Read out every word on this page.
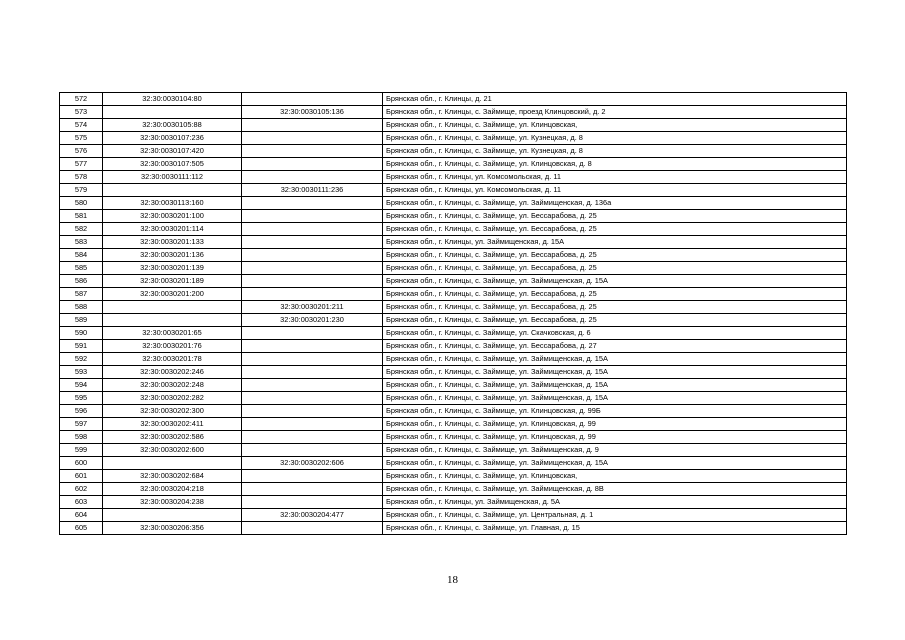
572	32:30:0030104:80		Брянская обл., г. Клинцы, д. 21
573		32:30:0030105:136	Брянская обл., г. Клинцы, с. Займище, проезд Клинцовский, д. 2
574	32:30:0030105:88		Брянская обл., г. Клинцы, с. Займище, ул. Клинцовская,
575	32:30:0030107:236		Брянская обл., г. Клинцы, с. Займище, ул. Кузнецкая, д. 8
576	32:30:0030107:420		Брянская обл., г. Клинцы, с. Займище, ул. Кузнецкая, д. 8
577	32:30:0030107:505		Брянская обл., г. Клинцы, с. Займище, ул. Клинцовская, д. 8
578	32:30:0030111:112		Брянская обл., г. Клинцы, ул. Комсомольская, д. 11
579		32:30:0030111:236	Брянская обл., г. Клинцы, ул. Комсомольская, д. 11
580	32:30:0030113:160		Брянская обл., г. Клинцы, с. Займище, ул. Займищенская, д. 136а
581	32:30:0030201:100		Брянская обл., г. Клинцы, с. Займище, ул. Бессарабова, д. 25
582	32:30:0030201:114		Брянская обл., г. Клинцы, с. Займище, ул. Бессарабова, д. 25
583	32:30:0030201:133		Брянская обл., г. Клинцы, ул. Займищенская, д. 15А
584	32:30:0030201:136		Брянская обл., г. Клинцы, с. Займище, ул. Бессарабова, д. 25
585	32:30:0030201:139		Брянская обл., г. Клинцы, с. Займище, ул. Бессарабова, д. 25
586	32:30:0030201:189		Брянская обл., г. Клинцы, с. Займище, ул. Займищенская, д. 15А
587	32:30:0030201:200		Брянская обл., г. Клинцы, с. Займище, ул. Бессарабова, д. 25
588		32:30:0030201:211	Брянская обл., г. Клинцы, с. Займище, ул. Бессарабова, д. 25
589		32:30:0030201:230	Брянская обл., г. Клинцы, с. Займище, ул. Бессарабова, д. 25
590	32:30:0030201:65		Брянская обл., г. Клинцы, с. Займище, ул. Скачковская, д. 6
591	32:30:0030201:76		Брянская обл., г. Клинцы, с. Займище, ул. Бессарабова, д. 27
592	32:30:0030201:78		Брянская обл., г. Клинцы, с. Займище, ул. Займищенская, д. 15А
593	32:30:0030202:246		Брянская обл., г. Клинцы, с. Займище, ул. Займищенская, д. 15А
594	32:30:0030202:248		Брянская обл., г. Клинцы, с. Займище, ул. Займищенская, д. 15А
595	32:30:0030202:282		Брянская обл., г. Клинцы, с. Займище, ул. Займищенская, д. 15А
596	32:30:0030202:300		Брянская обл., г. Клинцы, с. Займище, ул. Клинцовская, д. 99Б
597	32:30:0030202:411		Брянская обл., г. Клинцы, с. Займище, ул. Клинцовская, д. 99
598	32:30:0030202:586		Брянская обл., г. Клинцы, с. Займище, ул. Клинцовская, д. 99
599	32:30:0030202:600		Брянская обл., г. Клинцы, с. Займище, ул. Займищенская, д. 9
600		32:30:0030202:606	Брянская обл., г. Клинцы, с. Займище, ул. Займищенская, д. 15А
601	32:30:0030202:684		Брянская обл., г. Клинцы, с. Займище, ул. Клинцовская,
602	32:30:0030204:218		Брянская обл., г. Клинцы, с. Займище, ул. Займищенская, д. 8В
603	32:30:0030204:238		Брянская обл., г. Клинцы, ул. Займищенская, д. 5А
604		32:30:0030204:477	Брянская обл., г. Клинцы, с. Займище, ул. Центральная, д. 1
605	32:30:0030206:356		Брянская обл., г. Клинцы, с. Займище, ул. Главная, д. 15
18
